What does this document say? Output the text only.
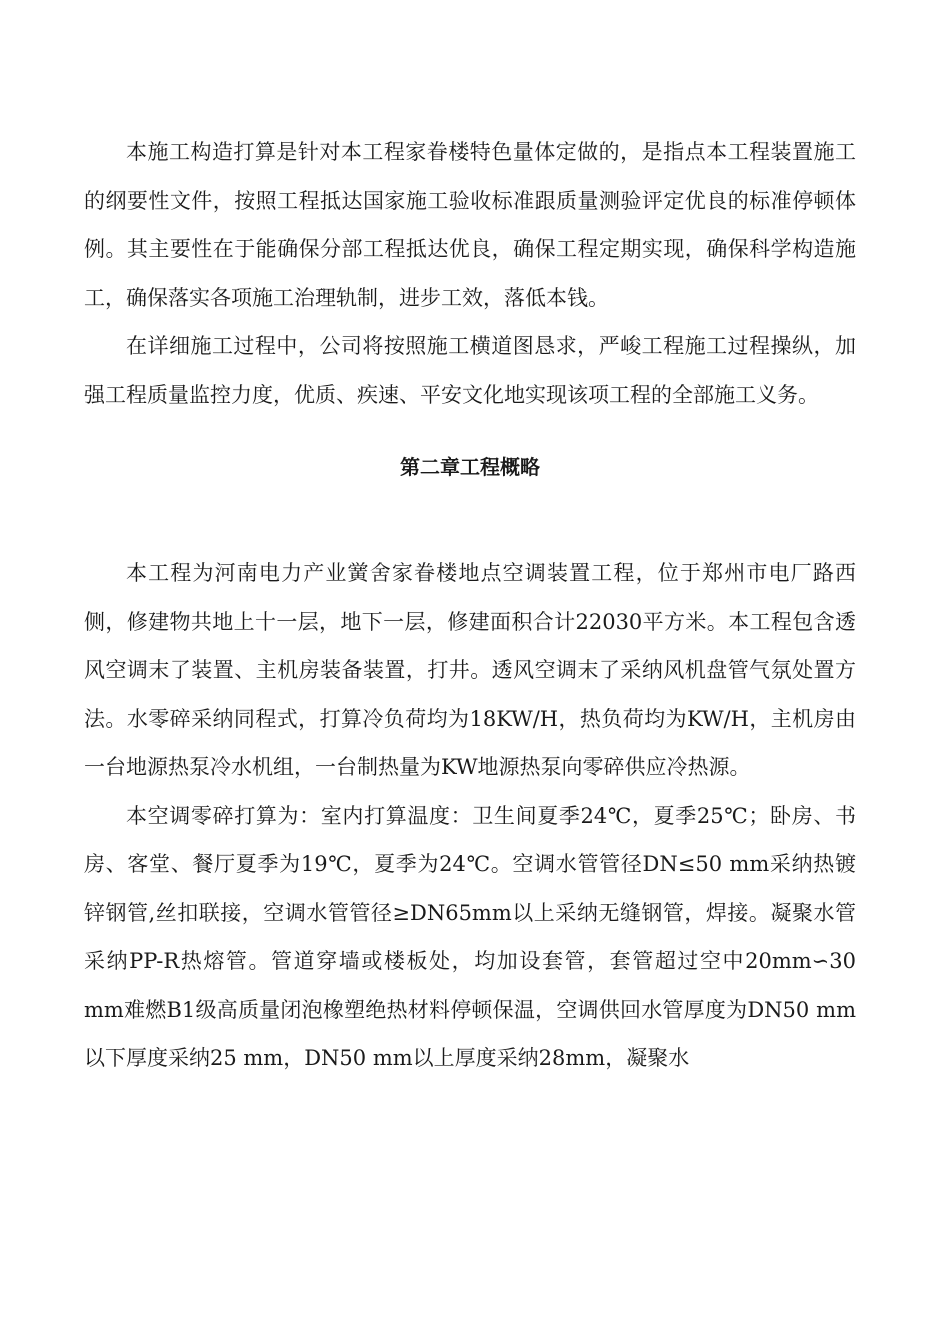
本施工构造打算是针对本工程家眷楼特色量体定做的，是指点本工程装置施工的纲要性文件，按照工程抵达国家施工验收标准跟质量测验评定优良的标准停顿体例。其主要性在于能确保分部工程抵达优良，确保工程定期实现，确保科学构造施工，确保落实各项施工治理轨制，进步工效，落低本钱。

在详细施工过程中，公司将按照施工横道图恳求，严峻工程施工过程操纵，加强工程质量监控力度，优质、疾速、平安文化地实现该项工程的全部施工义务。

第二章工程概略

本工程为河南电力产业黉舍家眷楼地点空调装置工程，位于郑州市电厂路西侧，修建物共地上十一层，地下一层，修建面积合计22030平方米。本工程包含透风空调末了装置、主机房装备装置，打井。透风空调末了采纳风机盘管气氛处置方法。水零碎采纳同程式，打算冷负荷均为18KW/H，热负荷均为KW/H，主机房由一台地源热泵冷水机组，一台制热量为KW地源热泵向零碎供应冷热源。

本空调零碎打算为：室内打算温度：卫生间夏季24℃，夏季25℃；卧房、书房、客堂、餐厅夏季为19℃，夏季为24℃。空调水管管径DN≤50 mm采纳热镀锌钢管,丝扣联接，空调水管管径≥DN65mm以上采纳无缝钢管，焊接。凝聚水管采纳PP-R热熔管。管道穿墙或楼板处，均加设套管，套管超过空中20mm∽30 mm难燃B1级高质量闭泡橡塑绝热材料停顿保温，空调供回水管厚度为DN50 mm以下厚度采纳25 mm，DN50 mm以上厚度采纳28mm，凝聚水
